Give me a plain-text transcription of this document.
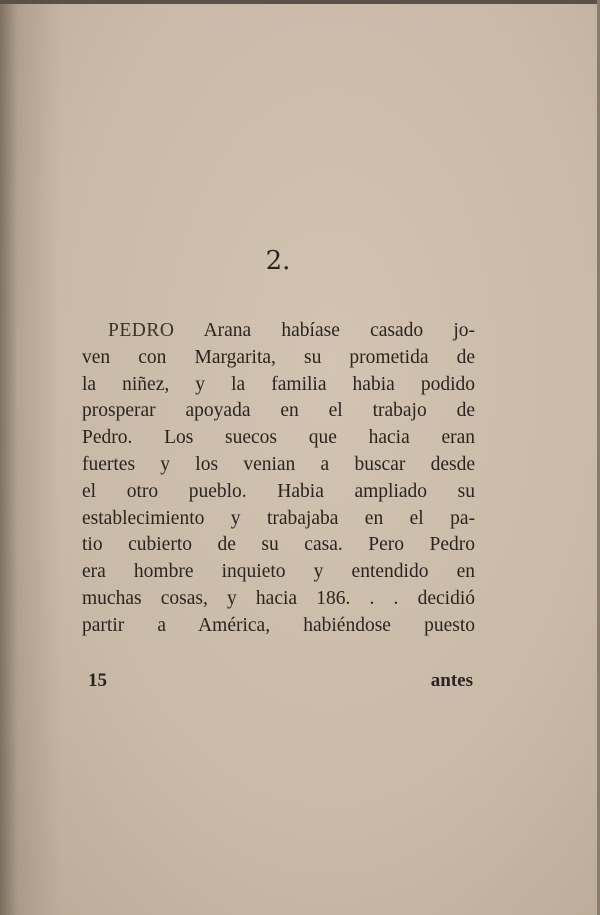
2.
PEDRO Arana habíase casado jo-
ven con Margarita, su prometida de
la niñez, y la familia habia podido
prosperar apoyada en el trabajo de
Pedro. Los suecos que hacia eran
fuertes y los venian a buscar desde
el otro pueblo. Habia ampliado su
establecimiento y trabajaba en el pa-
tio cubierto de su casa. Pero Pedro
era hombre inquieto y entendido en
muchas cosas, y hacia 186. . . decidió
partir a América, habiéndose puesto
15	antes
